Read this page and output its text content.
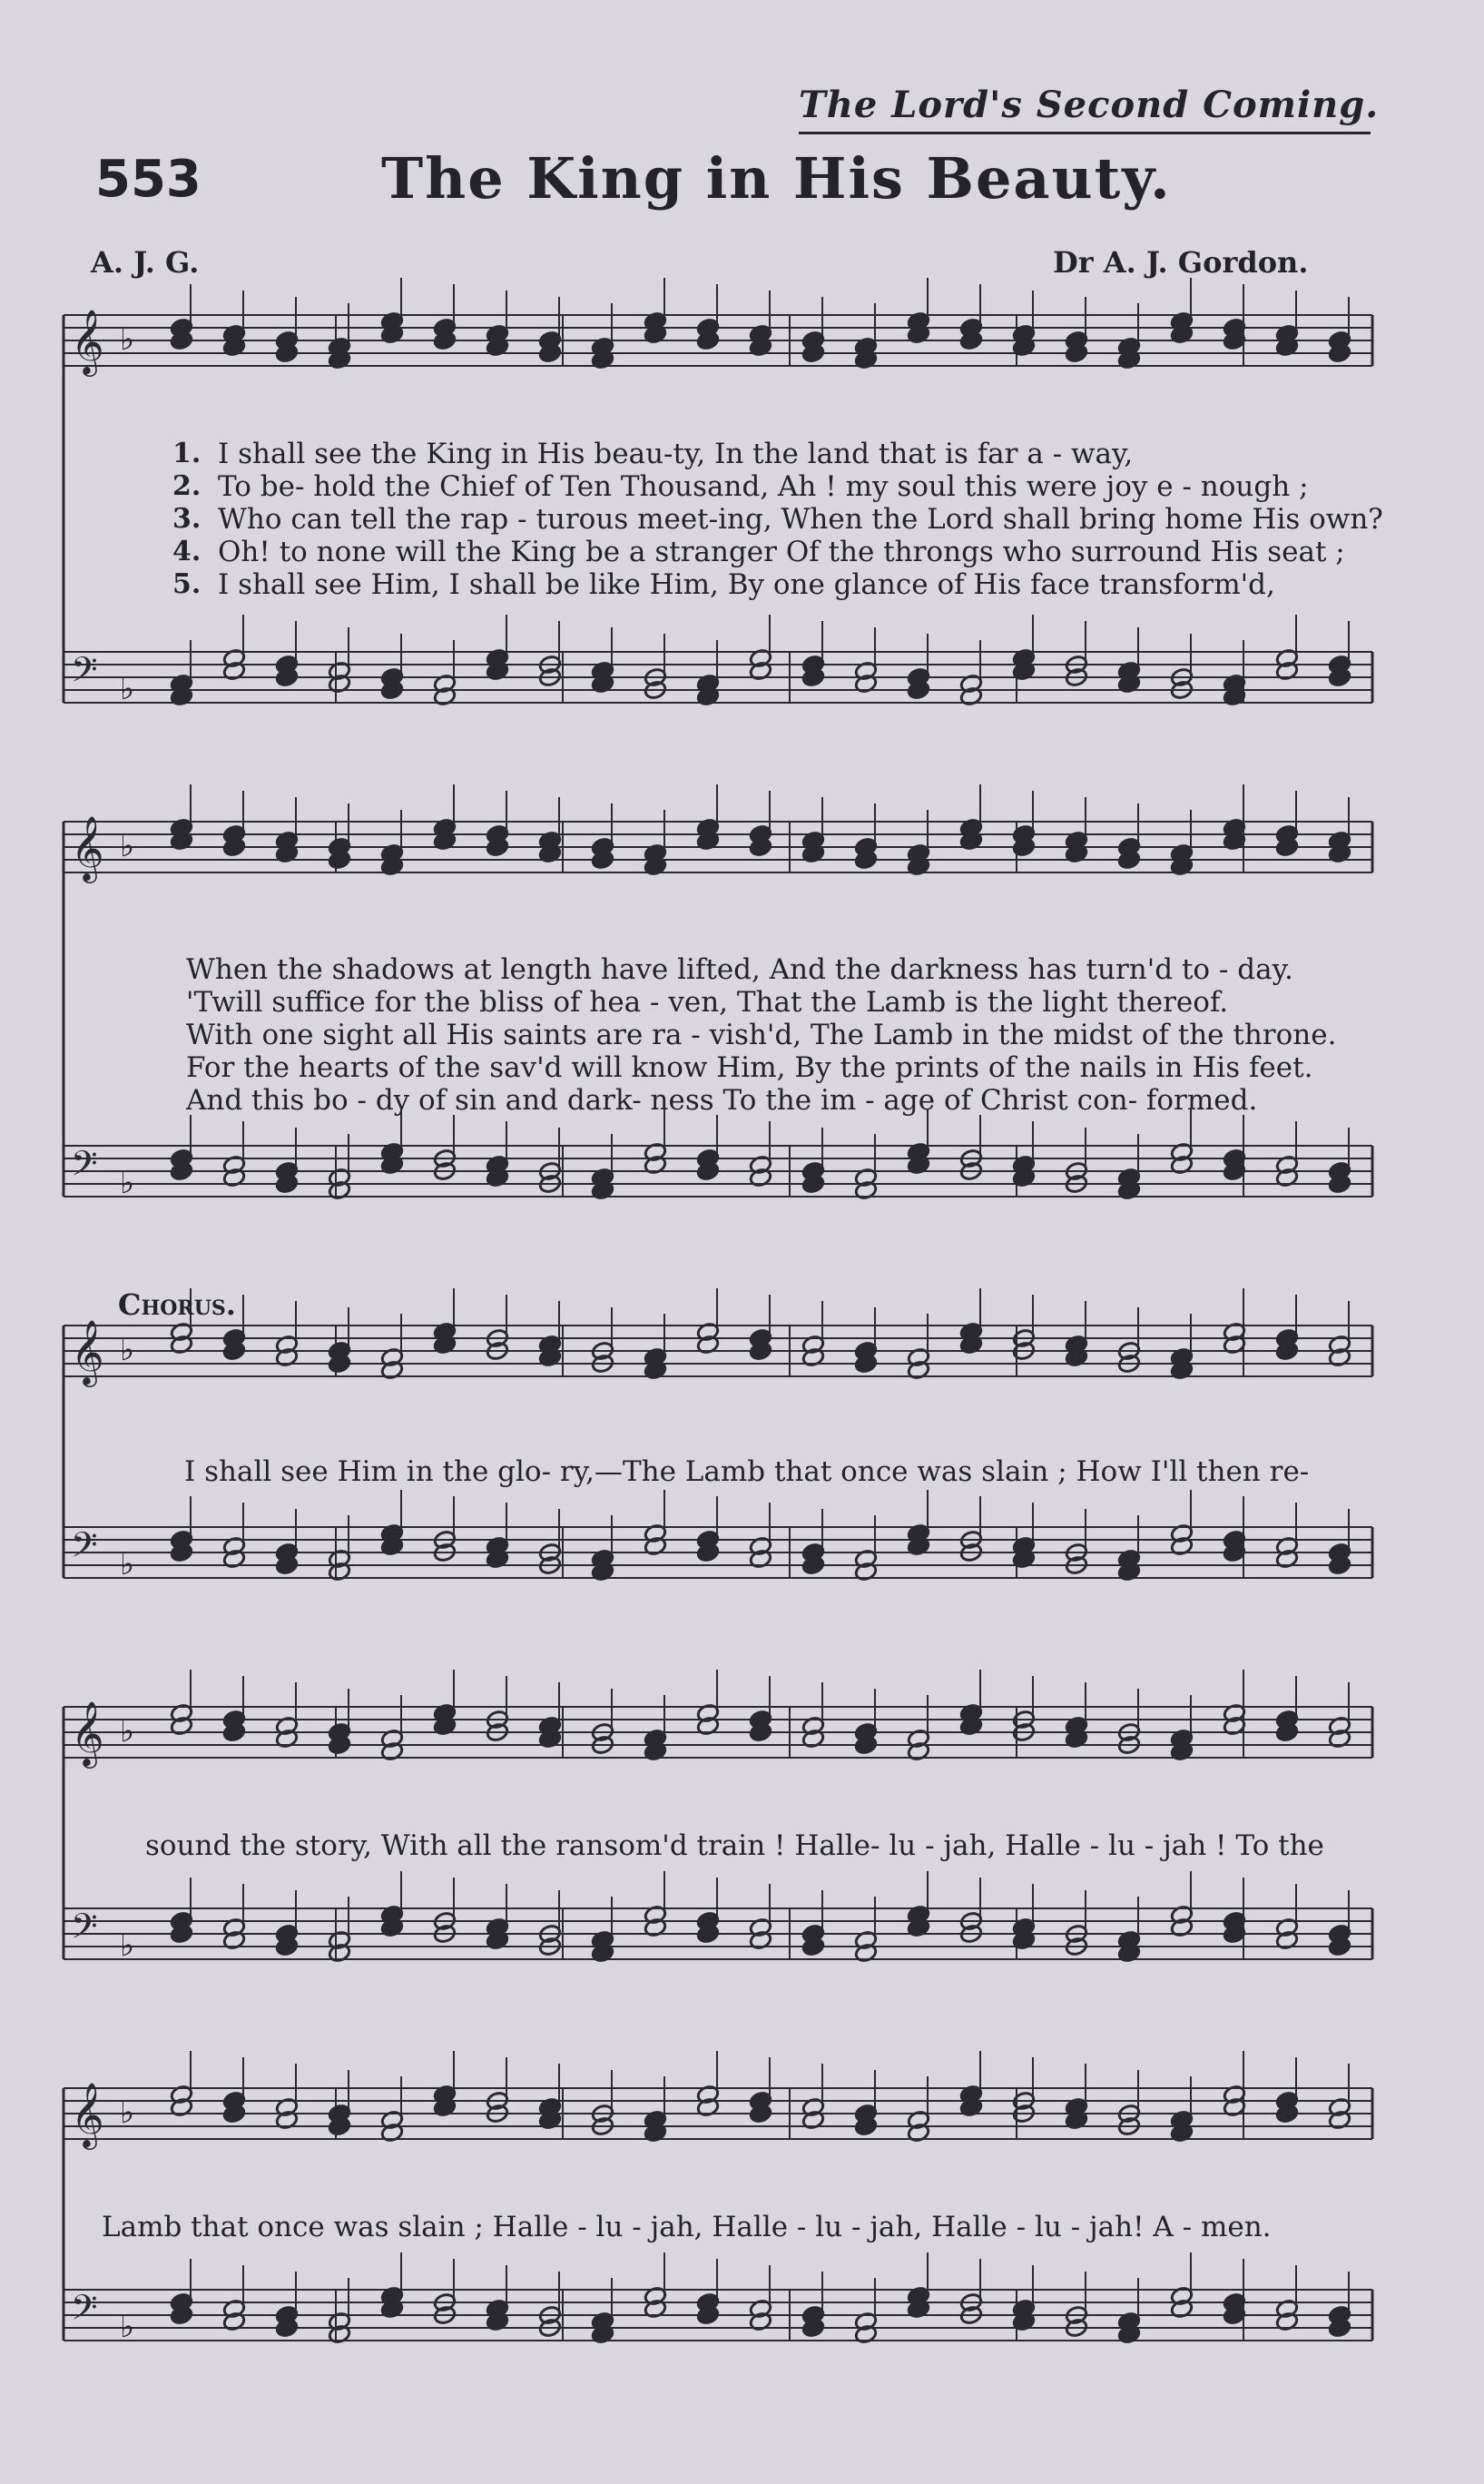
The Lord's Second Coming.
553	The King in His Beauty.
A. J. G.	Dr A. J. Gordon.
𝄞 ♭
𝄢 ♭
𝄞 ♭
𝄢 ♭
𝄞 ♭
𝄢 ♭
𝄞 ♭
𝄢 ♭
𝄞 ♭
𝄢 ♭
1. I shall see the King in His beau-ty, In the land that is far a - way,
2. To be- hold the Chief of Ten Thousand, Ah ! my soul this were joy e - nough ;
3. Who can tell the rap - turous meet-ing, When the Lord shall bring home His own?
4. Oh! to none will the King be a stranger Of the throngs who surround His seat ;
5. I shall see Him, I shall be like Him, By one glance of His face transform'd,
When the shadows at length have lifted, And the darkness has turn'd to - day.
'Twill suffice for the bliss of hea - ven, That the Lamb is the light thereof.
With one sight all His saints are ra - vish'd, The Lamb in the midst of the throne.
For the hearts of the sav'd will know Him, By the prints of the nails in His feet.
And this bo - dy of sin and dark- ness To the im - age of Christ con- formed.
Chorus.
I shall see Him in the glo- ry,—The Lamb that once was slain ; How I'll then re-
sound the story, With all the ransom'd train ! Halle- lu - jah, Halle - lu - jah ! To the
Lamb that once was slain ; Halle - lu - jah, Halle - lu - jah, Halle - lu - jah! A - men.
